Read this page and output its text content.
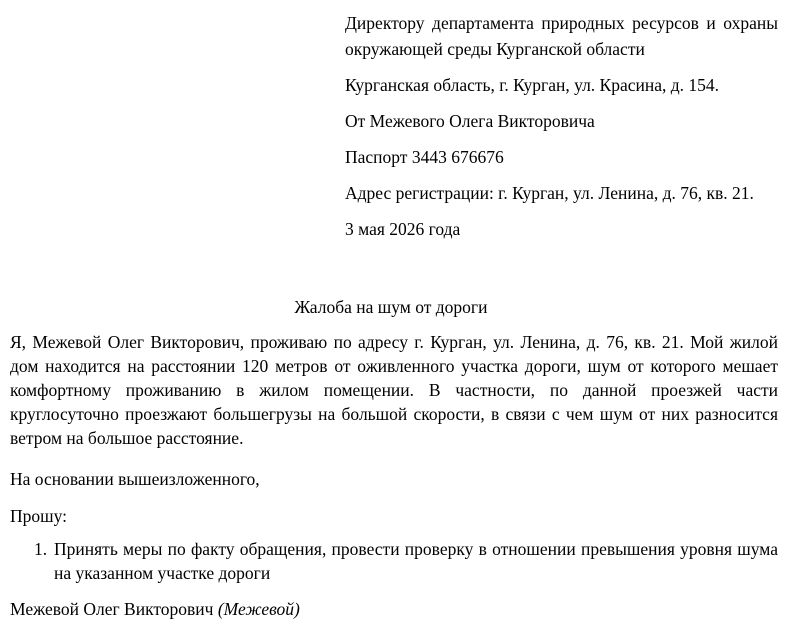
Директору департамента природных ресурсов и охраны окружающей среды Курганской области

Курганская область, г. Курган, ул. Красина, д. 154.

От Межевого Олега Викторовича

Паспорт 3443 676676

Адрес регистрации: г. Курган, ул. Ленина, д. 76, кв. 21.

3 мая 2026 года

Жалоба на шум от дороги

Я, Межевой Олег Викторович, проживаю по адресу г. Курган, ул. Ленина, д. 76, кв. 21. Мой жилой дом находится на расстоянии 120 метров от оживленного участка дороги, шум от которого мешает комфортному проживанию в жилом помещении. В частности, по данной проезжей части круглосуточно проезжают большегрузы на большой скорости, в связи с чем шум от них разносится ветром на большое расстояние.

На основании вышеизложенного,

Прошу:

1. Принять меры по факту обращения, провести проверку в отношении превышения уровня шума на указанном участке дороги

Межевой Олег Викторович (Межевой)
